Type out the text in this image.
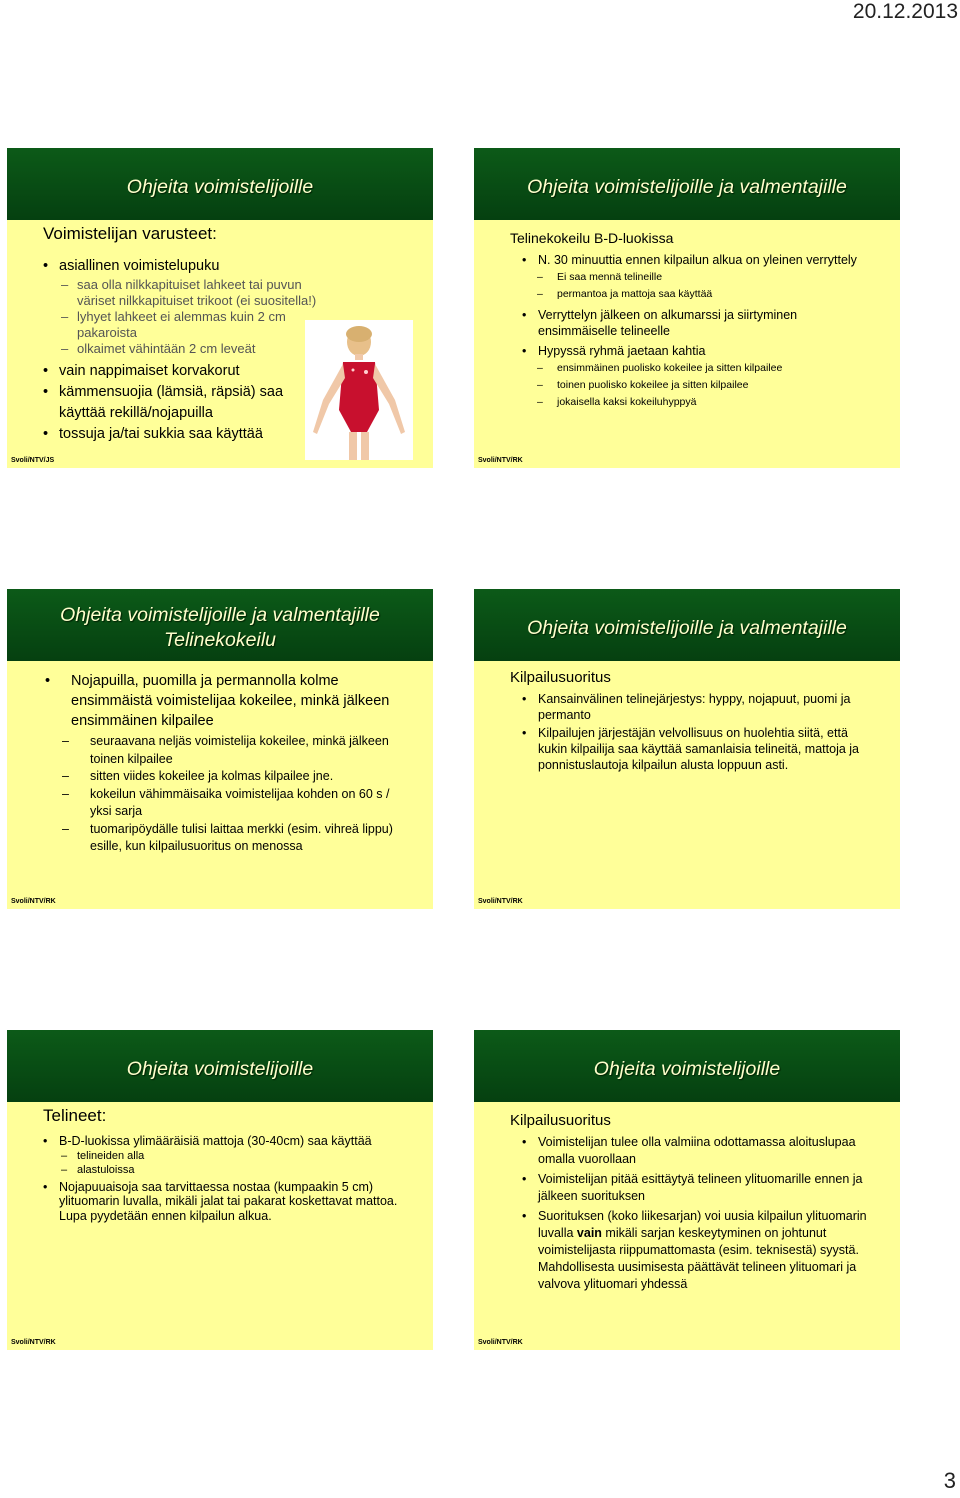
20.12.2013
Ohjeita voimistelijoille
Voimistelijan varusteet:
• asiallinen voimistelupuku
– saa olla nilkkapituiset lahkeet tai puvun väriset nilkkapituiset trikoot (ei suositella!)
– lyhyet lahkeet ei alemmas kuin 2 cm pakaroista
– olkaimet vähintään 2 cm leveät
• vain nappimaiset korvakorut
• kämmensuojia (lämsiä, räpsiä) saa käyttää rekillä/nojapuilla
• tossuja ja/tai sukkia saa käyttää
Svoli/NTV/JS
Ohjeita voimistelijoille ja valmentajille
Telinekokeilu B-D-luokissa
• N. 30 minuuttia ennen kilpailun alkua on yleinen verryttely
– Ei saa mennä telineille
– permantoa ja mattoja saa käyttää
• Verryttelyn jälkeen on alkumarssi ja siirtyminen ensimmäiselle telineelle
• Hypyssä ryhmä jaetaan kahtia
– ensimmäinen puolisko kokeilee ja sitten kilpailee
– toinen puolisko kokeilee ja sitten kilpailee
– jokaisella kaksi kokeiluhyppyä
Svoli/NTV/RK
Ohjeita voimistelijoille ja valmentajille
Telinekokeilu
• Nojapuilla, puomilla ja permannolla kolme ensimmäistä voimistelijaa kokeilee, minkä jälkeen ensimmäinen kilpailee
– seuraavana neljäs voimistelija kokeilee, minkä jälkeen toinen kilpailee
– sitten viides kokeilee ja kolmas kilpailee jne.
– kokeilun vähimmäisaika voimistelijaa kohden on 60 s / yksi sarja
– tuomaripöydälle tulisi laittaa merkki (esim. vihreä lippu) esille, kun kilpailusuoritus on menossa
Svoli/NTV/RK
Ohjeita voimistelijoille ja valmentajille
Kilpailusuoritus
• Kansainvälinen telinejärjestys: hyppy, nojapuut, puomi ja permanto
• Kilpailujen järjestäjän velvollisuus on huolehtia siitä, että kukin kilpailija saa käyttää samanlaisia telineitä, mattoja ja ponnistuslautoja kilpailun alusta loppuun asti.
Svoli/NTV/RK
Ohjeita voimistelijoille
Telineet:
• B-D-luokissa ylimääräisiä mattoja (30-40cm) saa käyttää
– telineiden alla
– alastuloissa
• Nojapuuaisoja saa tarvittaessa nostaa (kumpaakin 5 cm) ylituomarin luvalla, mikäli jalat tai pakarat koskettavat mattoa. Lupa pyydetään ennen kilpailun alkua.
Svoli/NTV/RK
Ohjeita voimistelijoille
Kilpailusuoritus
• Voimistelijan tulee olla valmiina odottamassa aloituslupaa omalla vuorollaan
• Voimistelijan pitää esittäytyä telineen ylituomarille ennen ja jälkeen suorituksen
• Suorituksen (koko liikesarjan) voi uusia kilpailun ylituomarin luvalla vain mikäli sarjan keskeytyminen on johtunut voimistelijasta riippumattomasta (esim. teknisestä) syystä. Mahdollisesta uusimisesta päättävät telineen ylituomari ja valvova ylituomari yhdessä
Svoli/NTV/RK
3
